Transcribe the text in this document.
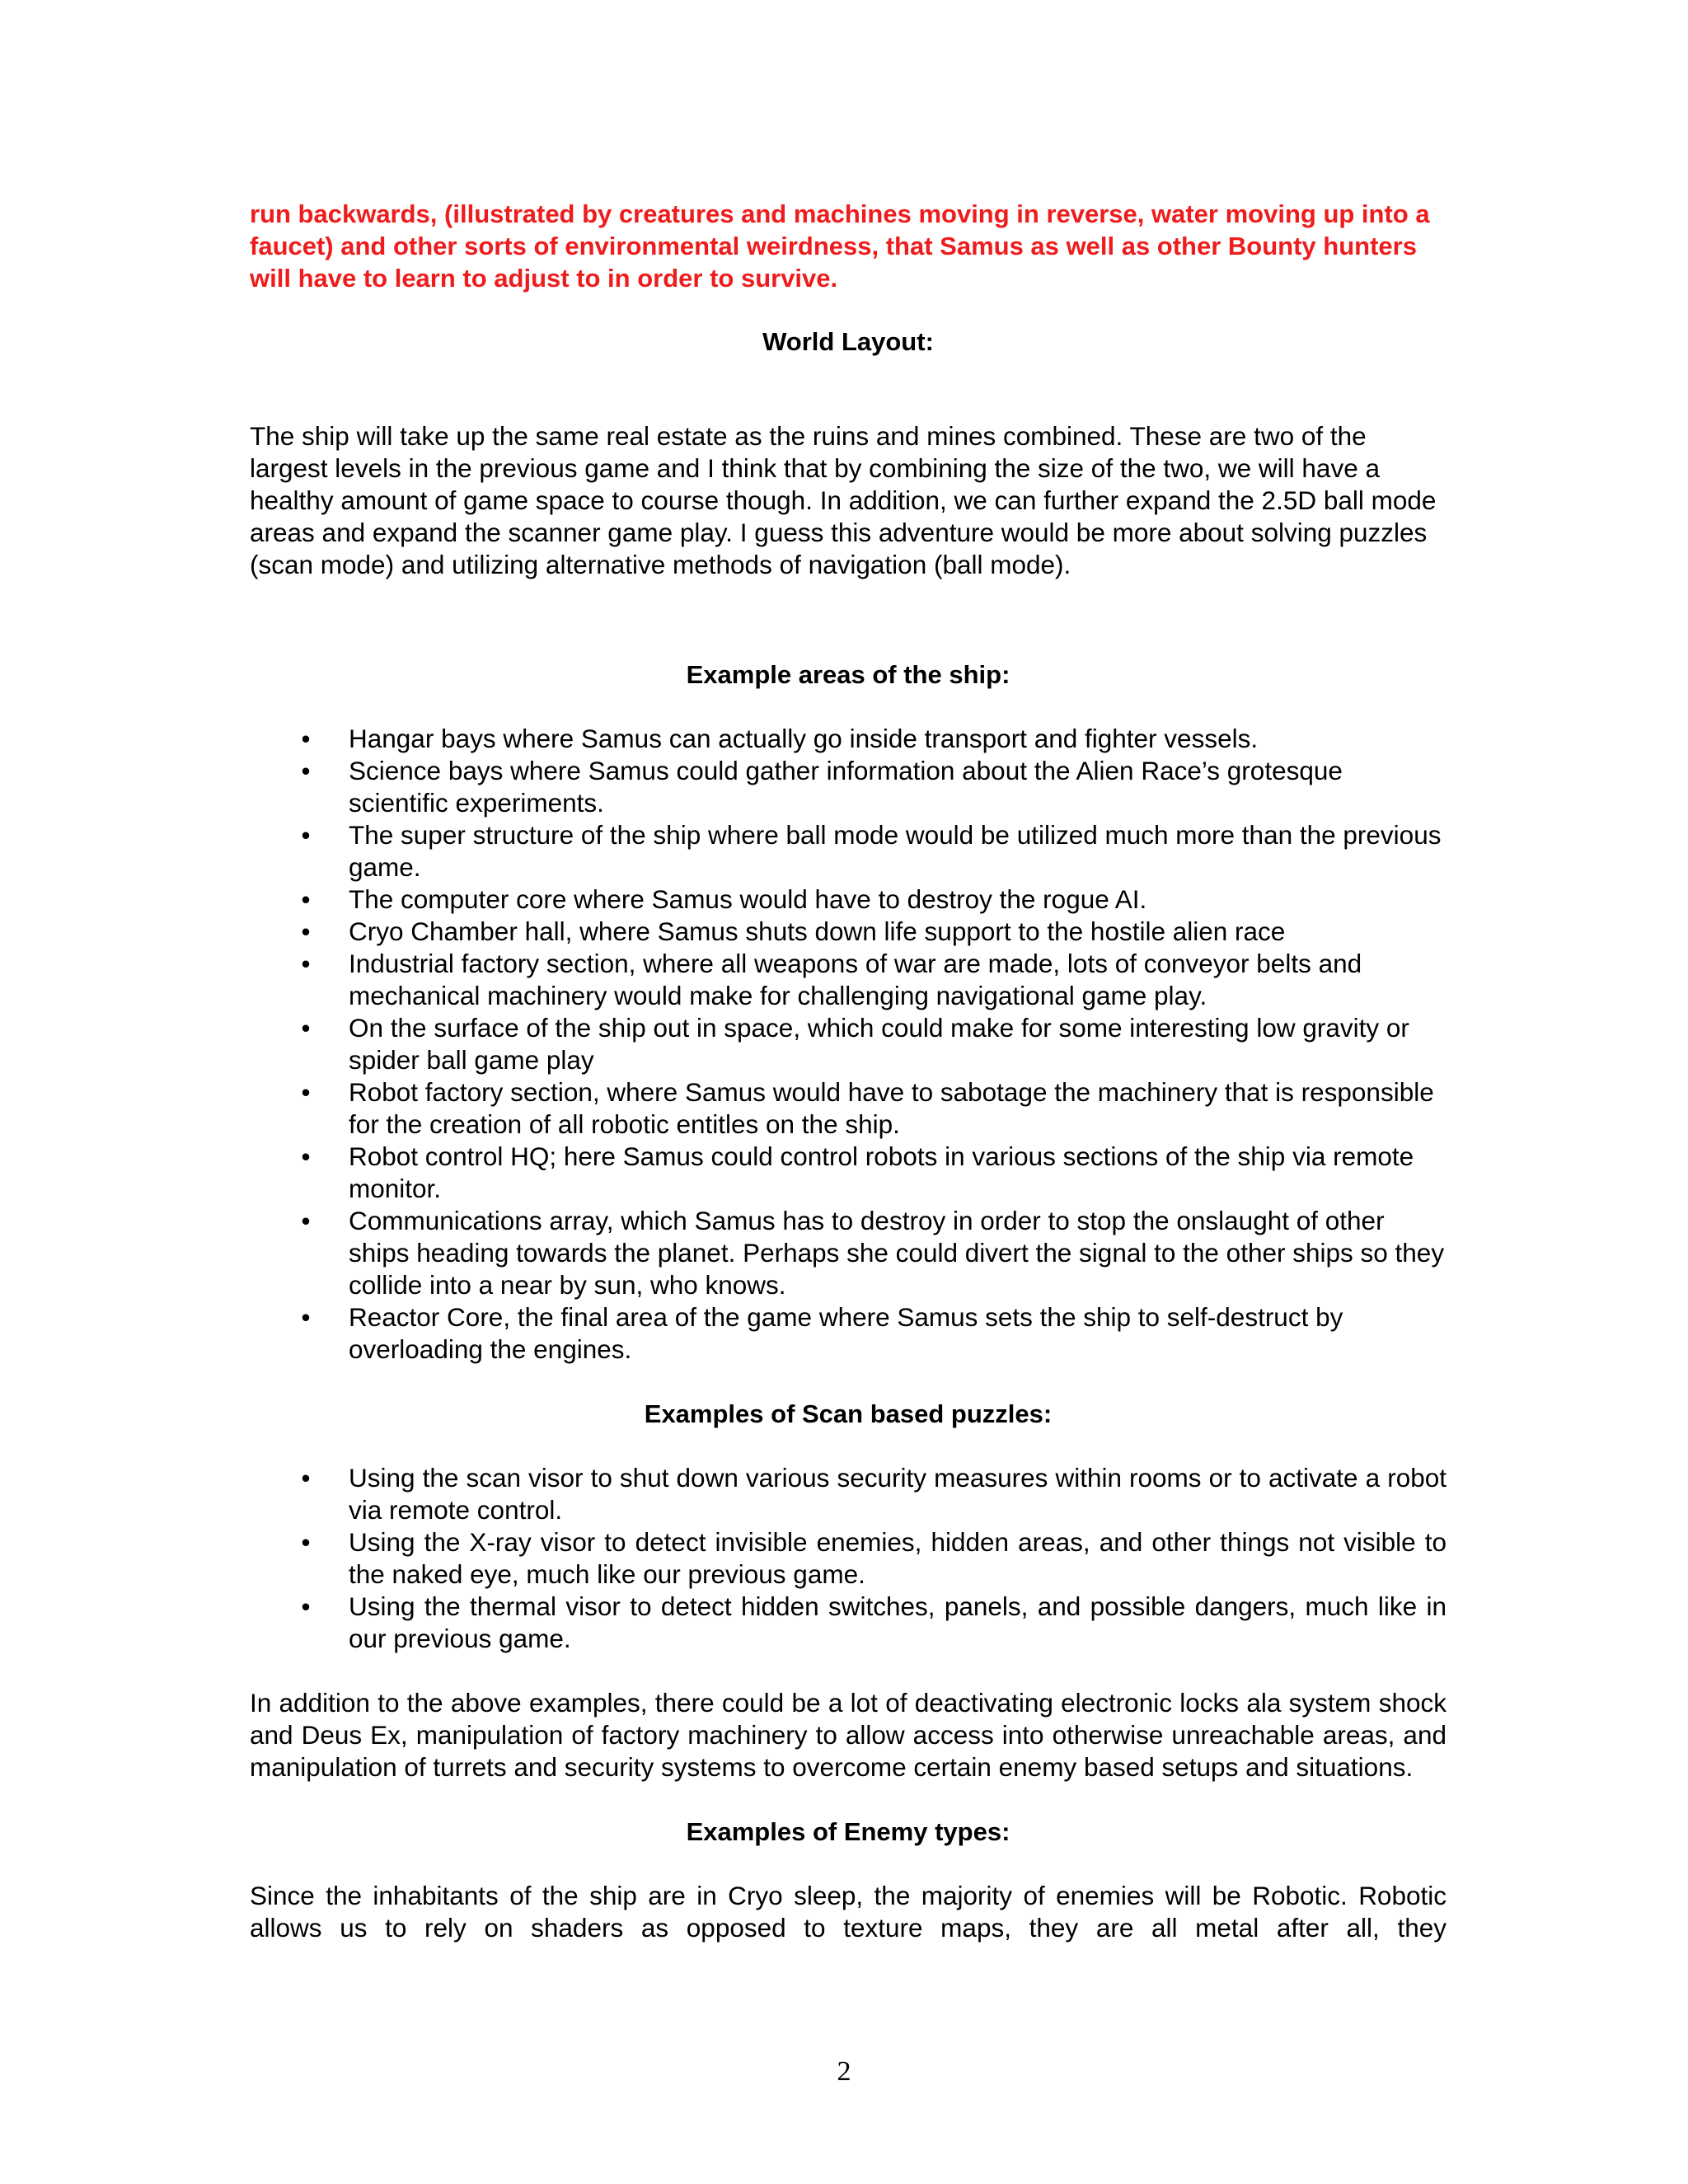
run backwards, (illustrated by creatures and machines moving in reverse, water moving up into a faucet) and other sorts of environmental weirdness, that Samus as well as other Bounty hunters will have to learn to adjust to in order to survive.

World Layout:

The ship will take up the same real estate as the ruins and mines combined. These are two of the largest levels in the previous game and I think that by combining the size of the two, we will have a healthy amount of game space to course though. In addition, we can further expand the 2.5D ball mode areas and expand the scanner game play. I guess this adventure would be more about solving puzzles (scan mode) and utilizing alternative methods of navigation (ball mode).

Example areas of the ship:
• Hangar bays where Samus can actually go inside transport and fighter vessels.
• Science bays where Samus could gather information about the Alien Race’s grotesque scientific experiments.
• The super structure of the ship where ball mode would be utilized much more than the previous game.
• The computer core where Samus would have to destroy the rogue AI.
• Cryo Chamber hall, where Samus shuts down life support to the hostile alien race
• Industrial factory section, where all weapons of war are made, lots of conveyor belts and mechanical machinery would make for challenging navigational game play.
• On the surface of the ship out in space, which could make for some interesting low gravity or spider ball game play
• Robot factory section, where Samus would have to sabotage the machinery that is responsible for the creation of all robotic entitles on the ship.
• Robot control HQ; here Samus could control robots in various sections of the ship via remote monitor.
• Communications array, which Samus has to destroy in order to stop the onslaught of other ships heading towards the planet. Perhaps she could divert the signal to the other ships so they collide into a near by sun, who knows.
• Reactor Core, the final area of the game where Samus sets the ship to self-destruct by overloading the engines.
Examples of Scan based puzzles:
• Using the scan visor to shut down various security measures within rooms or to activate a robot via remote control.
• Using the X-ray visor to detect invisible enemies, hidden areas, and other things not visible to the naked eye, much like our previous game.
• Using the thermal visor to detect hidden switches, panels, and possible dangers, much like in our previous game.

In addition to the above examples, there could be a lot of deactivating electronic locks ala system shock and Deus Ex, manipulation of factory machinery to allow access into otherwise unreachable areas, and manipulation of turrets and security systems to overcome certain enemy based setups and situations.

Examples of Enemy types:

Since the inhabitants of the ship are in Cryo sleep, the majority of enemies will be Robotic. Robotic allows us to rely on shaders as opposed to texture maps, they are all metal after all, they

2
